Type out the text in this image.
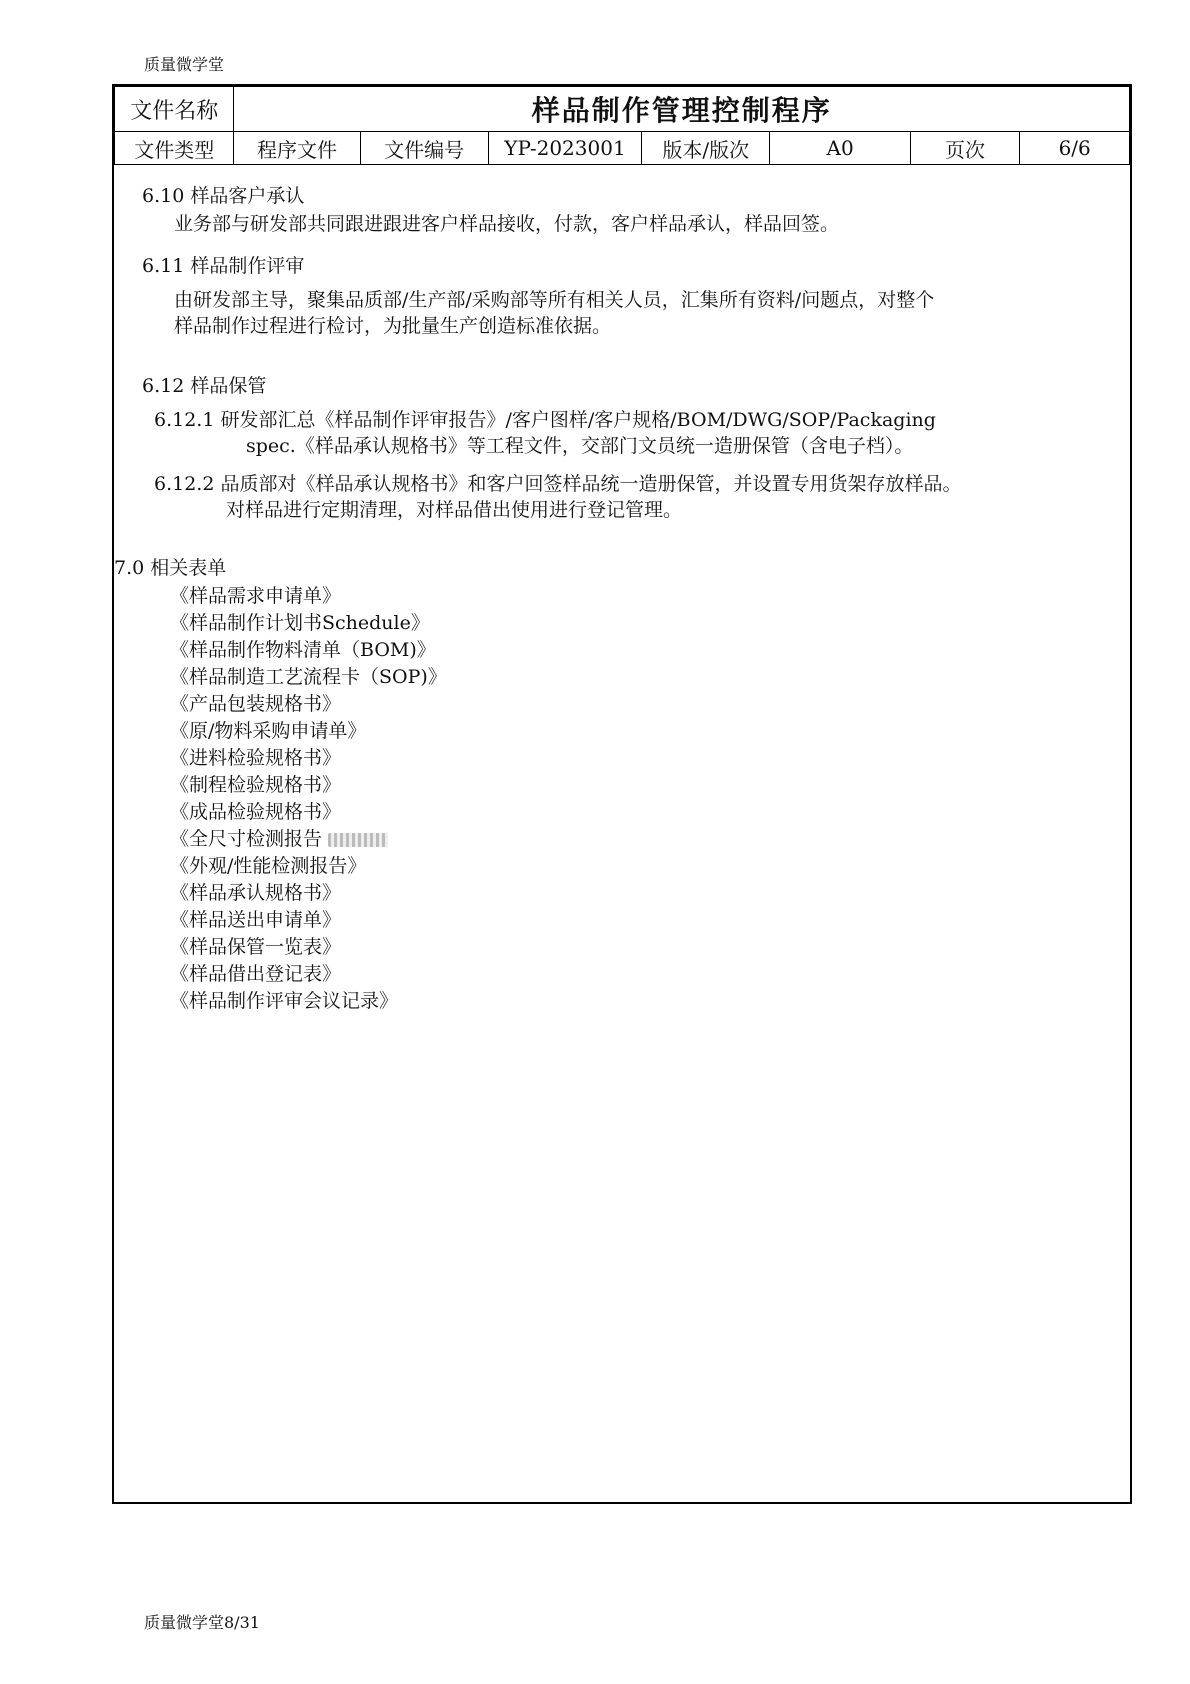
质量微学堂
文件名称	样品制作管理控制程序						
文件类型	程序文件	文件编号	YP-2023001	版本/版次	A0	页次	6/6
6.10 样品客户承认
业务部与研发部共同跟进跟进客户样品接收，付款，客户样品承认，样品回签。
6.11 样品制作评审
由研发部主导，聚集品质部/生产部/采购部等所有相关人员，汇集所有资料/问题点，对整个
样品制作过程进行检讨，为批量生产创造标准依据。
6.12 样品保管
6.12.1 研发部汇总《样品制作评审报告》/客户图样/客户规格/BOM/DWG/SOP/Packaging
spec.《样品承认规格书》等工程文件，交部门文员统一造册保管（含电子档）。
6.12.2 品质部对《样品承认规格书》和客户回签样品统一造册保管，并设置专用货架存放样品。
对样品进行定期清理，对样品借出使用进行登记管理。
7.0 相关表单
《样品需求申请单》
《样品制作计划书Schedule》
《样品制作物料清单（BOM)》
《样品制造工艺流程卡（SOP)》
《产品包装规格书》
《原/物料采购申请单》
《进料检验规格书》
《制程检验规格书》
《成品检验规格书》
《全尺寸检测报告
《外观/性能检测报告》
《样品承认规格书》
《样品送出申请单》
《样品保管一览表》
《样品借出登记表》
《样品制作评审会议记录》
质量微学堂8/31
